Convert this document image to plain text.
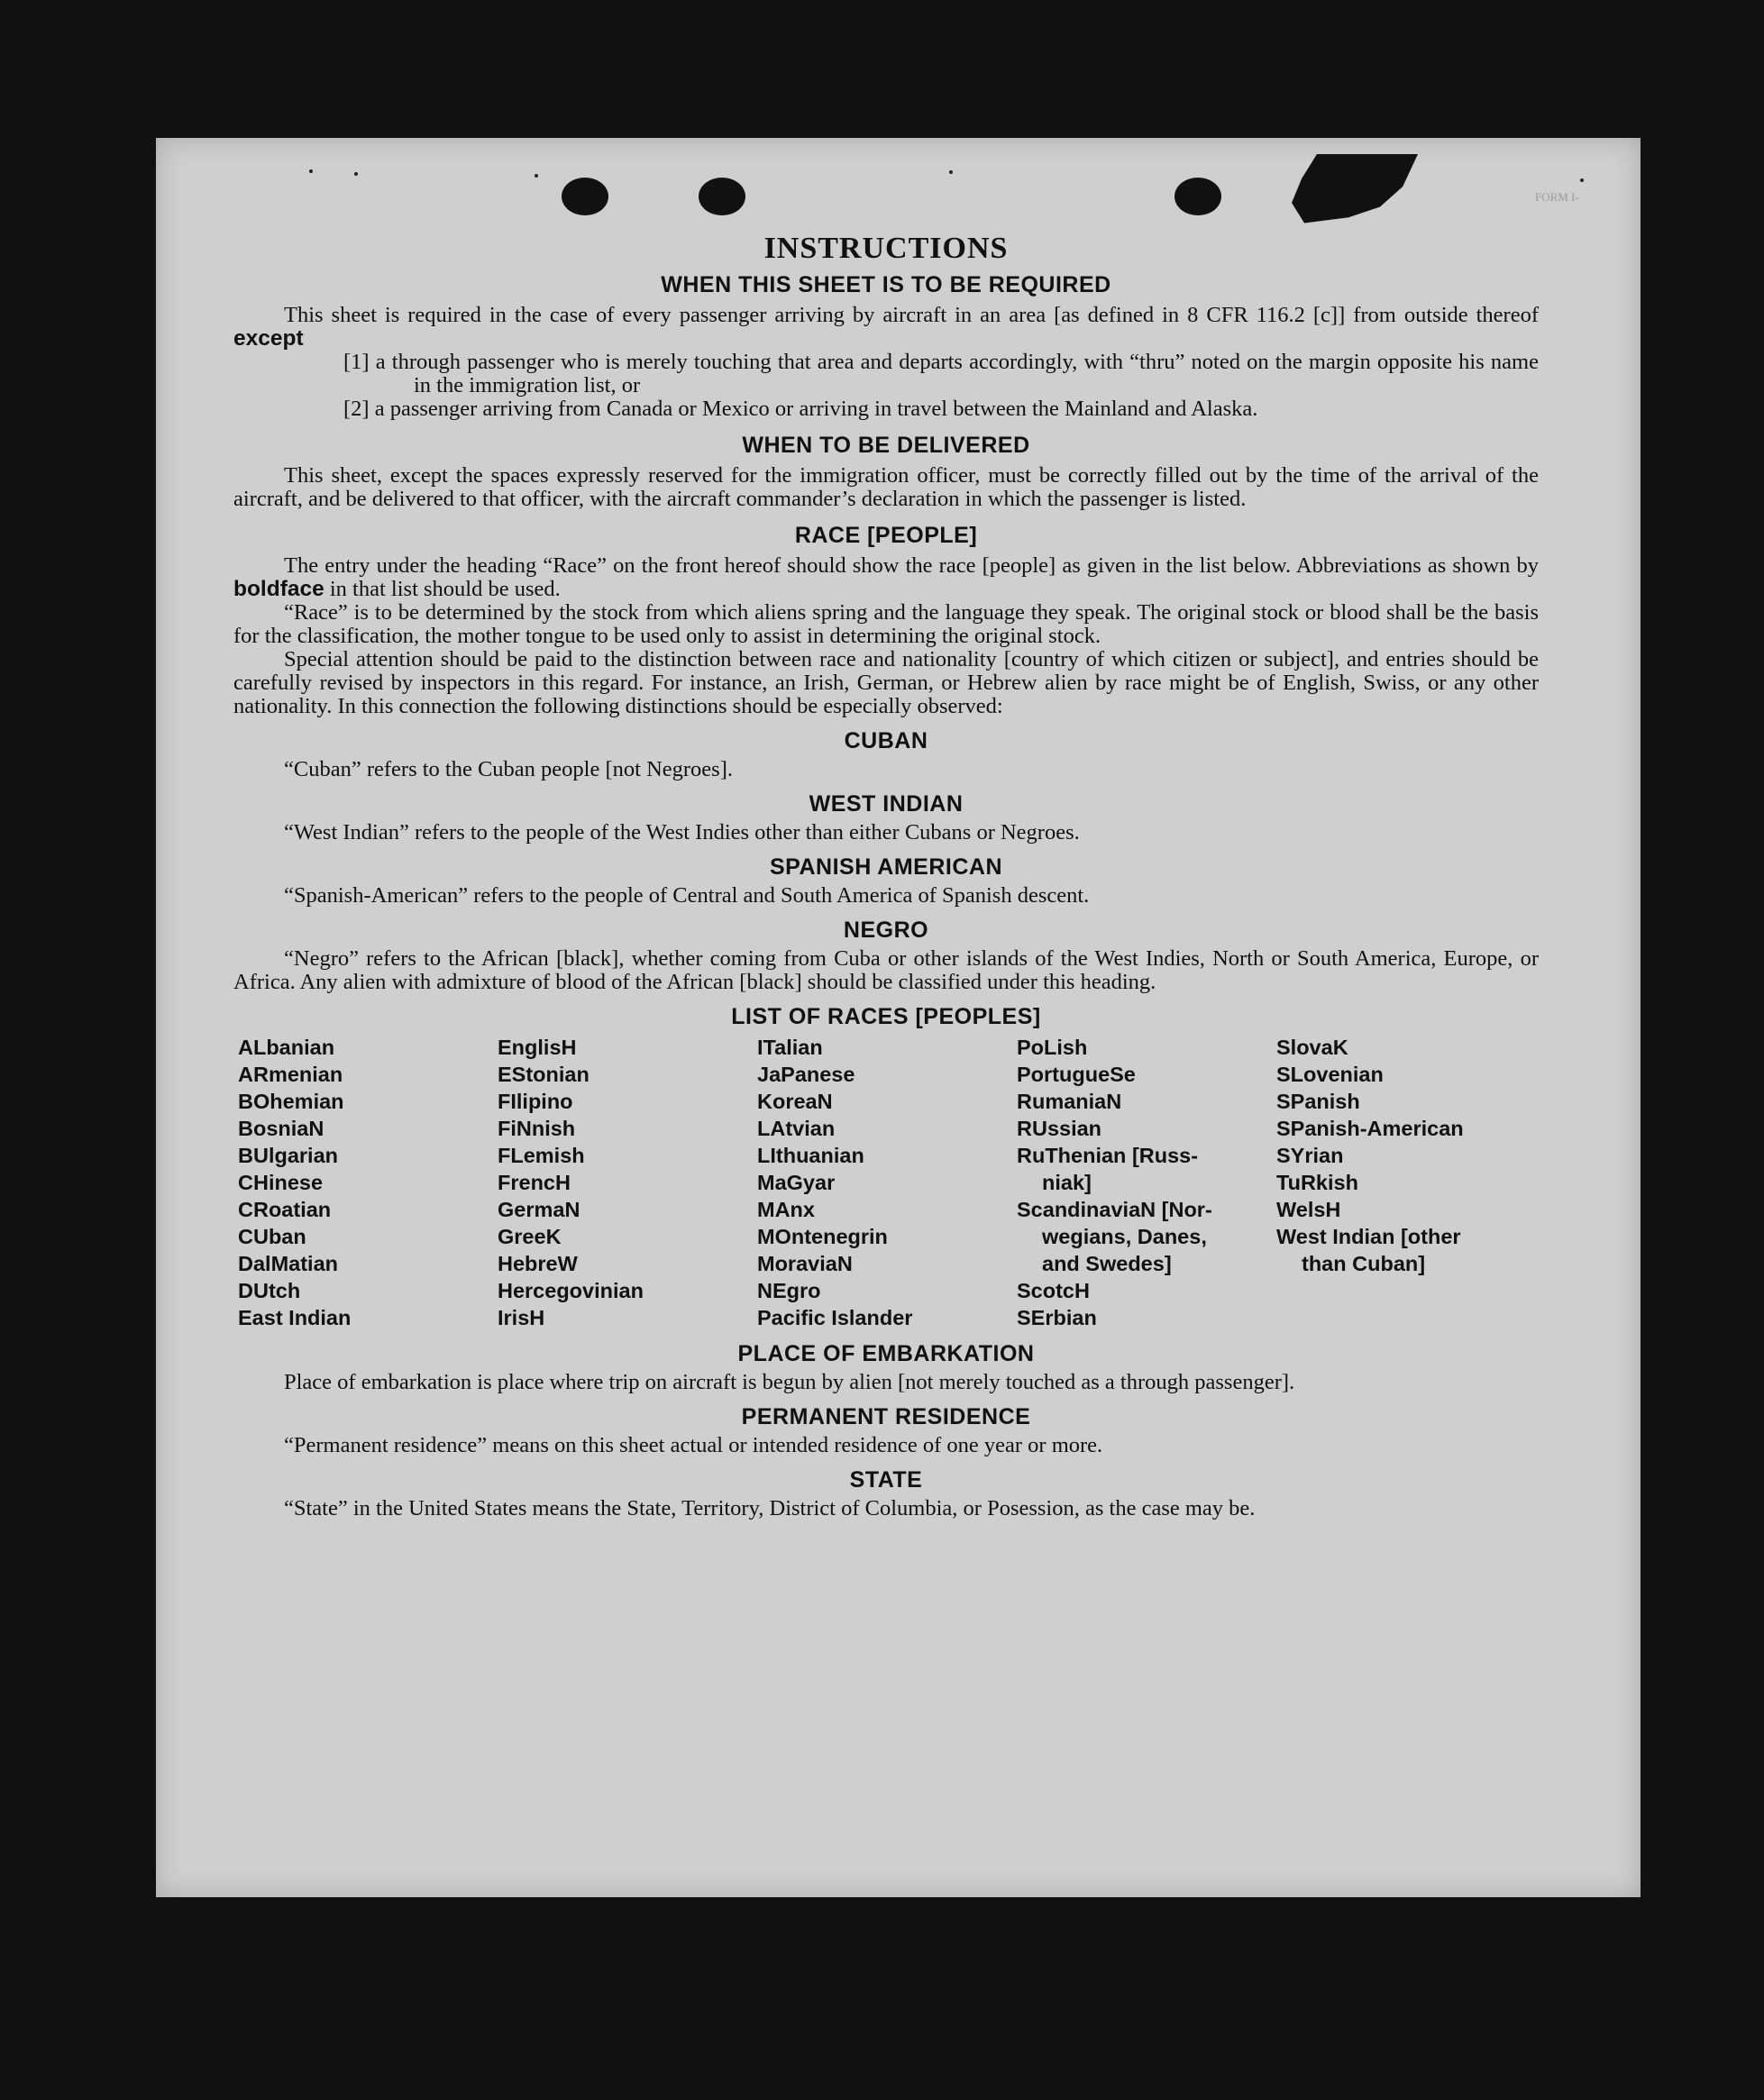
FORM I-
INSTRUCTIONS
WHEN THIS SHEET IS TO BE REQUIRED

This sheet is required in the case of every passenger arriving by aircraft in an area [as defined in 8 CFR 116.2 [c]] from outside thereof except

[1] a through passenger who is merely touching that area and departs accordingly, with “thru” noted on the margin opposite his name in the immigration list, or

[2] a passenger arriving from Canada or Mexico or arriving in travel between the Mainland and Alaska.

WHEN TO BE DELIVERED

This sheet, except the spaces expressly reserved for the immigration officer, must be correctly filled out by the time of the arrival of the aircraft, and be delivered to that officer, with the aircraft commander’s declaration in which the passenger is listed.

RACE [PEOPLE]

The entry under the heading “Race” on the front hereof should show the race [people] as given in the list below. Abbreviations as shown by boldface in that list should be used.

“Race” is to be determined by the stock from which aliens spring and the language they speak. The original stock or blood shall be the basis for the classification, the mother tongue to be used only to assist in determining the original stock.

Special attention should be paid to the distinction between race and nationality [country of which citizen or subject], and entries should be carefully revised by inspectors in this regard. For instance, an Irish, German, or Hebrew alien by race might be of English, Swiss, or any other nationality. In this connection the following distinctions should be especially observed:

CUBAN

“Cuban” refers to the Cuban people [not Negroes].

WEST INDIAN

“West Indian” refers to the people of the West Indies other than either Cubans or Negroes.

SPANISH AMERICAN

“Spanish-American” refers to the people of Central and South America of Spanish descent.

NEGRO

“Negro” refers to the African [black], whether coming from Cuba or other islands of the West Indies, North or South America, Europe, or Africa. Any alien with admixture of blood of the African [black] should be classified under this heading.

LIST OF RACES [PEOPLES]
ALbanian
ARmenian
BOhemian
BosniaN
BUlgarian
CHinese
CRoatian
CUban
DalMatian
DUtch
East Indian
EnglisH
EStonian
FIlipino
FiNnish
FLemish
FrencH
GermaN
GreeK
HebreW
Hercegovinian
IrisH
ITalian
JaPanese
KoreaN
LAtvian
LIthuanian
MaGyar
MAnx
MOntenegrin
MoraviaN
NEgro
Pacific Islander
PoLish
PortugueSe
RumaniaN
RUssian
RuThenian [Russ-
niak]
ScandinaviaN [Nor-
wegians, Danes,
and Swedes]
ScotcH
SErbian
SlovaK
SLovenian
SPanish
SPanish-American
SYrian
TuRkish
WelsH
West Indian [other
than Cuban]
PLACE OF EMBARKATION

Place of embarkation is place where trip on aircraft is begun by alien [not merely touched as a through passenger].

PERMANENT RESIDENCE

“Permanent residence” means on this sheet actual or intended residence of one year or more.

STATE

“State” in the United States means the State, Territory, District of Columbia, or Posession, as the case may be.
